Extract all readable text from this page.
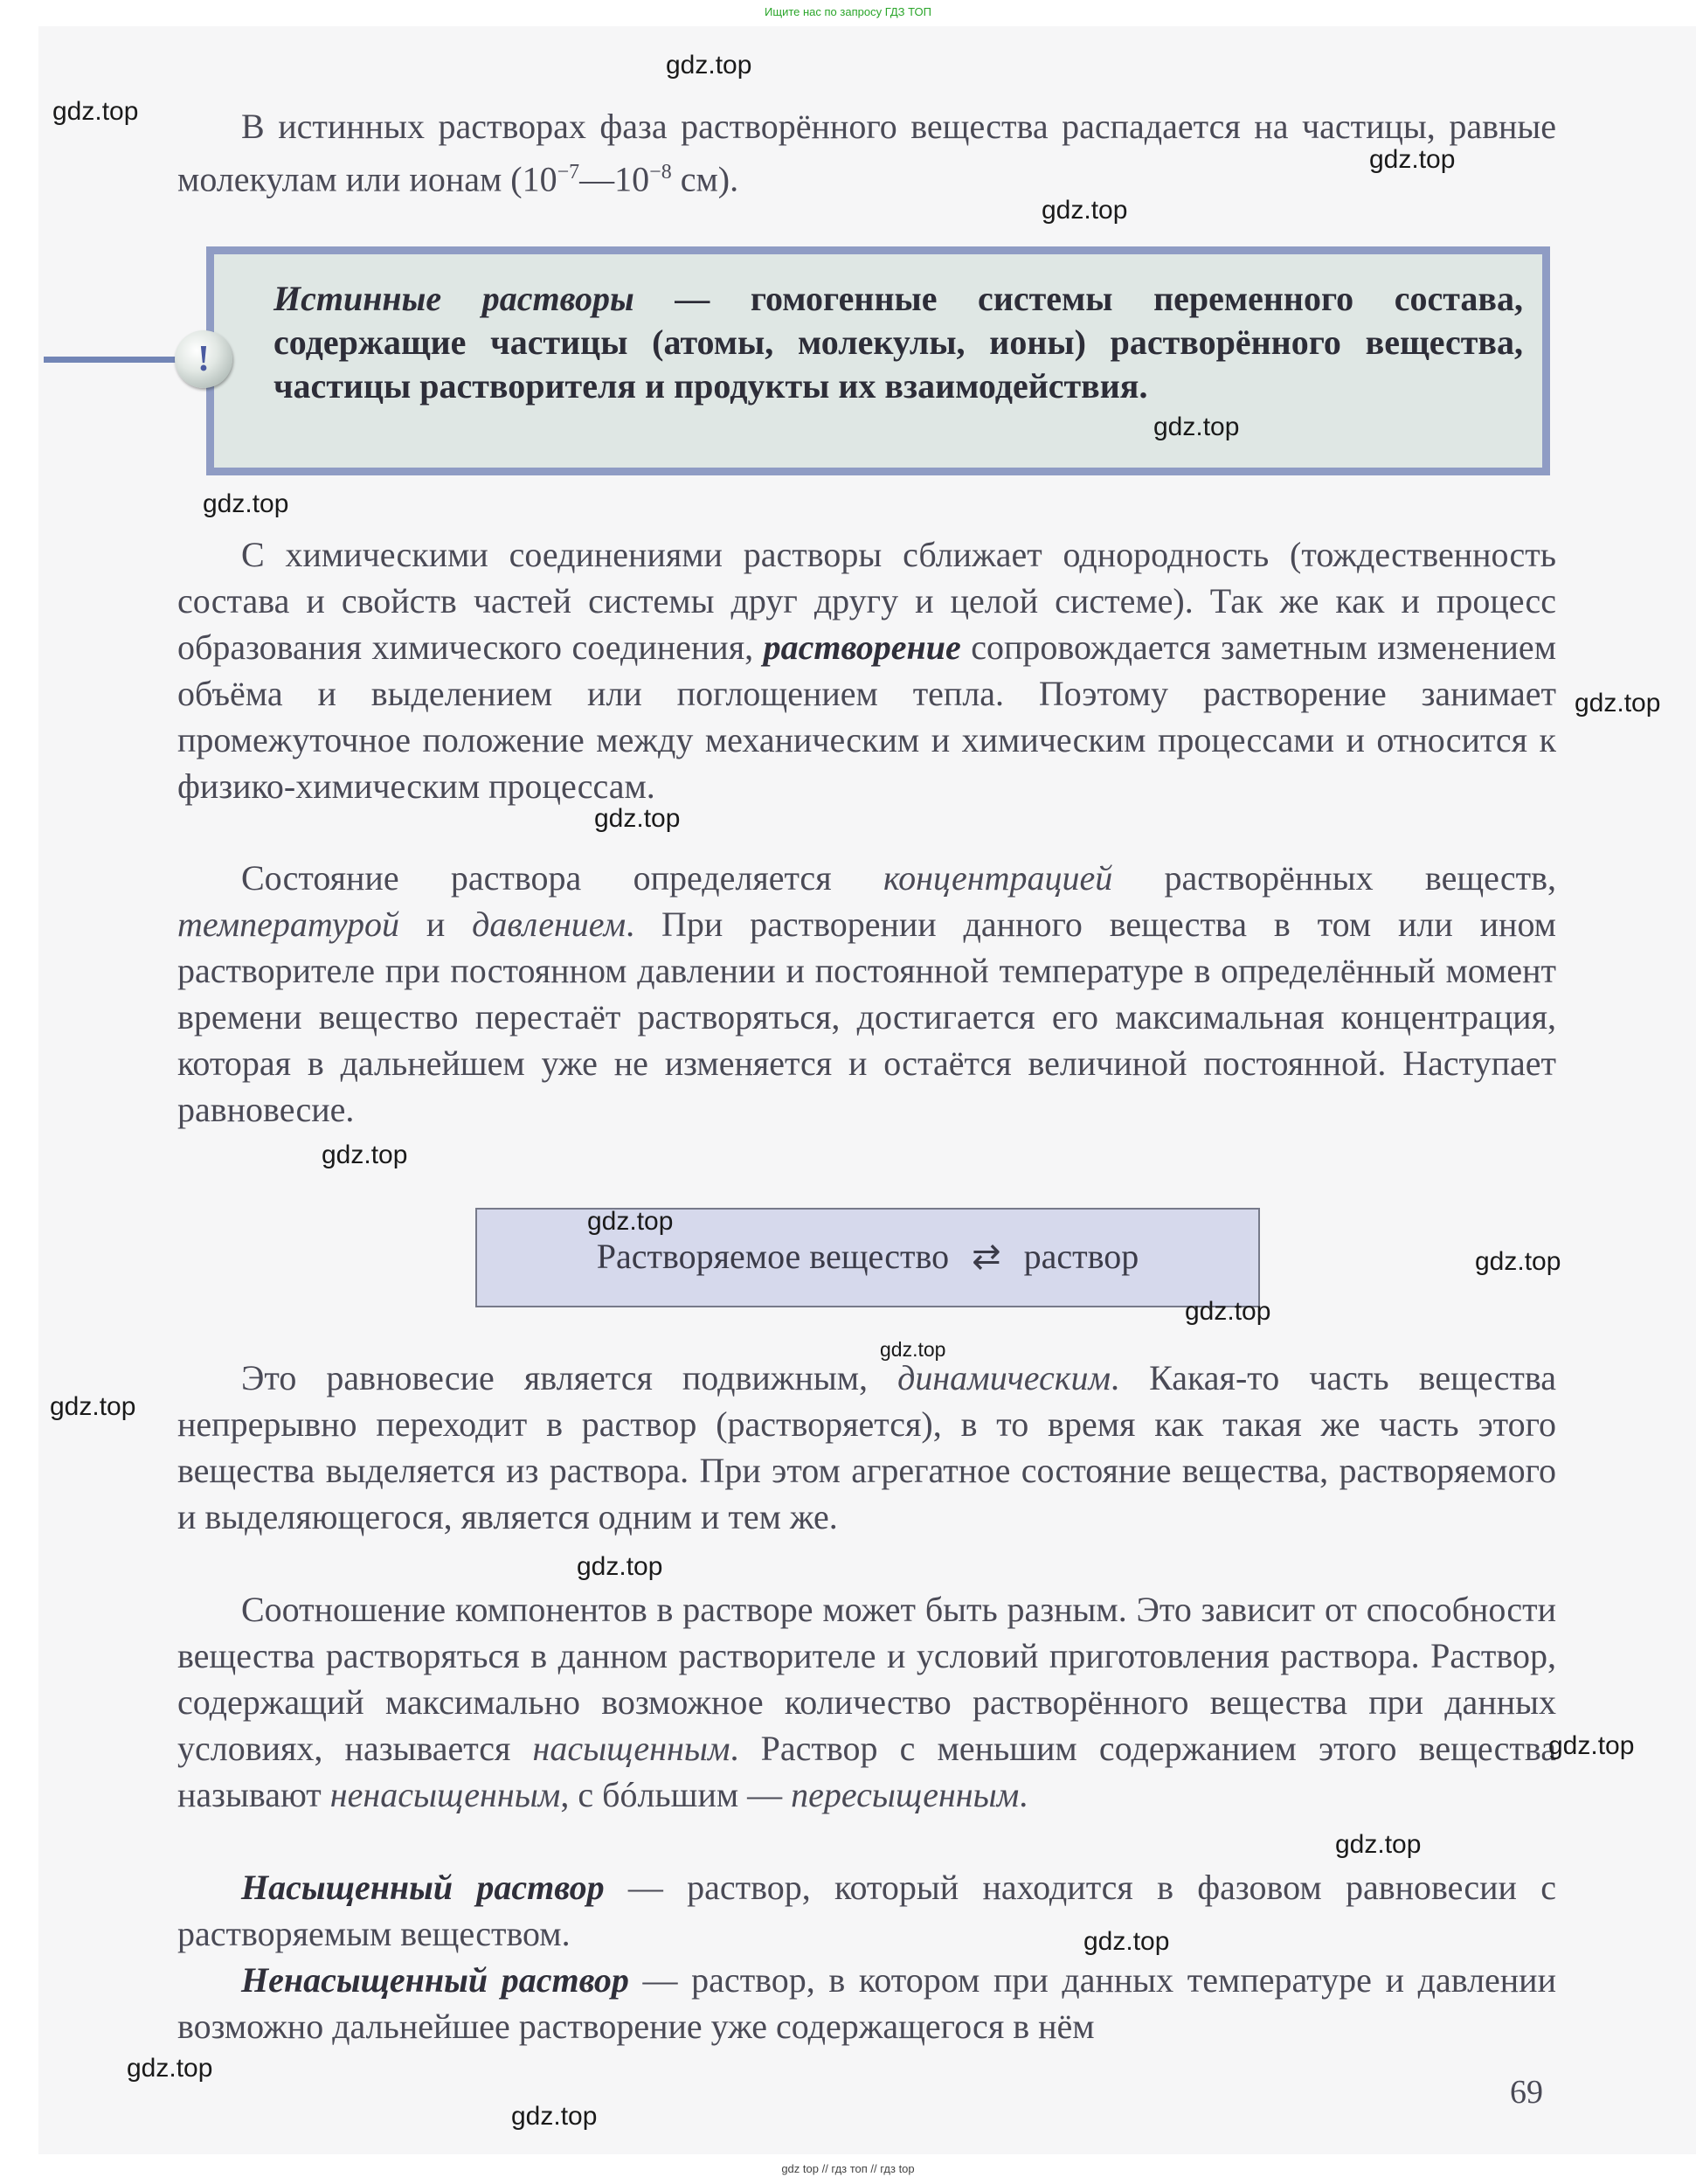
Ищите нас по запросу ГДЗ ТОП

В истинных растворах фаза растворённого вещества распадается на частицы, равные молекулам или ионам ($10^{-7}—10^{-8}$ см).

Истинные растворы — гомогенные системы переменного состава, содержащие частицы (атомы, молекулы, ионы) растворённого вещества, частицы растворителя и продукты их взаимодействия.

!

С химическими соединениями растворы сближает однородность (тождественность состава и свойств частей системы друг другу и целой системе). Так же как и процесс образования химического соединения, растворение сопровождается заметным изменением объёма и выделением или поглощением тепла. Поэтому растворение занимает промежуточное положение между механическим и химическим процессами и относится к физико-химическим процессам.

Состояние раствора определяется концентрацией растворённых веществ, температурой и давлением. При растворении данного вещества в том или ином растворителе при постоянном давлении и постоянной температуре в определённый момент времени вещество перестаёт растворяться, достигается его максимальная концентрация, которая в дальнейшем уже не изменяется и остаётся величиной постоянной. Наступает равновесие.

Растворяемое вещество ⇄ раствор

Это равновесие является подвижным, динамическим. Какая-то часть вещества непрерывно переходит в раствор (растворяется), в то время как такая же часть этого вещества выделяется из раствора. При этом агрегатное состояние вещества, растворяемого и выделяющегося, является одним и тем же.

Соотношение компонентов в растворе может быть разным. Это зависит от способности вещества растворяться в данном растворителе и условий приготовления раствора. Раствор, содержащий максимально возможное количество растворённого вещества при данных условиях, называется насыщенным. Раствор с меньшим содержанием этого вещества называют ненасыщенным, с бóльшим — пересыщенным.

Насыщенный раствор — раствор, который находится в фазовом равновесии с растворяемым веществом.

Ненасыщенный раствор — раствор, в котором при данных температуре и давлении возможно дальнейшее растворение уже содержащегося в нём

69
gdz.top
gdz.top
gdz.top
gdz.top
gdz.top
gdz.top
gdz.top
gdz.top
gdz.top
gdz.top
gdz.top
gdz.top
gdz.top
gdz.top
gdz.top
gdz.top
gdz.top
gdz.top
gdz.top
gdz.top
gdz top // гдз топ // гдз top
